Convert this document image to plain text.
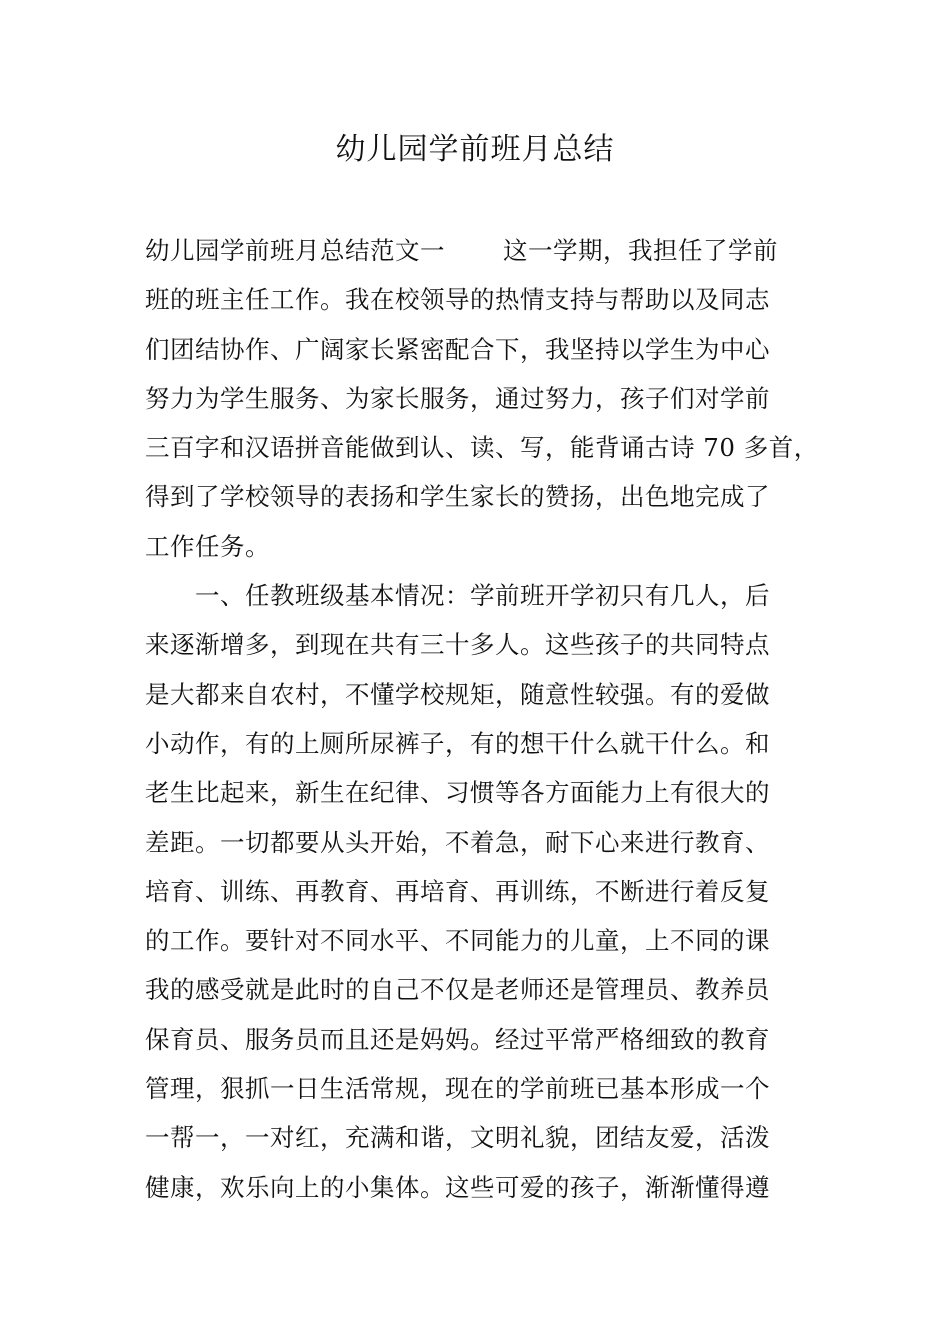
幼儿园学前班月总结
幼儿园学前班月总结范文一 这一学期，我担任了学前
班的班主任工作。我在校领导的热情支持与帮助以及同志
们团结协作、广阔家长紧密配合下，我坚持以学生为中心
努力为学生服务、为家长服务，通过努力，孩子们对学前
三百字和汉语拼音能做到认、读、写，能背诵古诗 70 多首，
得到了学校领导的表扬和学生家长的赞扬，出色地完成了
工作任务。
　　一、任教班级基本情况：学前班开学初只有几人，后
来逐渐增多，到现在共有三十多人。这些孩子的共同特点
是大都来自农村，不懂学校规矩，随意性较强。有的爱做
小动作，有的上厕所尿裤子，有的想干什么就干什么。和
老生比起来，新生在纪律、习惯等各方面能力上有很大的
差距。一切都要从头开始，不着急，耐下心来进行教育、
培育、训练、再教育、再培育、再训练，不断进行着反复
的工作。要针对不同水平、不同能力的儿童，上不同的课
我的感受就是此时的自己不仅是老师还是管理员、教养员
保育员、服务员而且还是妈妈。经过平常严格细致的教育
管理，狠抓一日生活常规，现在的学前班已基本形成一个
一帮一，一对红，充满和谐，文明礼貌，团结友爱，活泼
健康，欢乐向上的小集体。这些可爱的孩子，渐渐懂得遵
